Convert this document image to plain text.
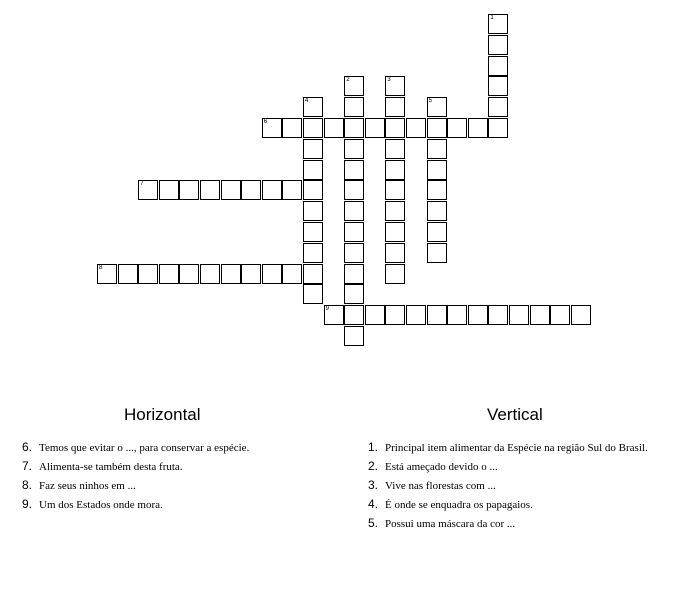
1
2	3
4	5
6
7
8
9
Horizontal	Vertical
6. Temos que evitar o ..., para conservar a espécie.
7. Alimenta-se também desta fruta.
8. Faz seus ninhos em ...
9. Um dos Estados onde mora.
1. Principal item alimentar da Espécie na região Sul do Brasil.
2. Está ameçado devido o ...
3. Vive nas florestas com ...
4. É onde se enquadra os papagaios.
5. Possui uma máscara da cor ...
